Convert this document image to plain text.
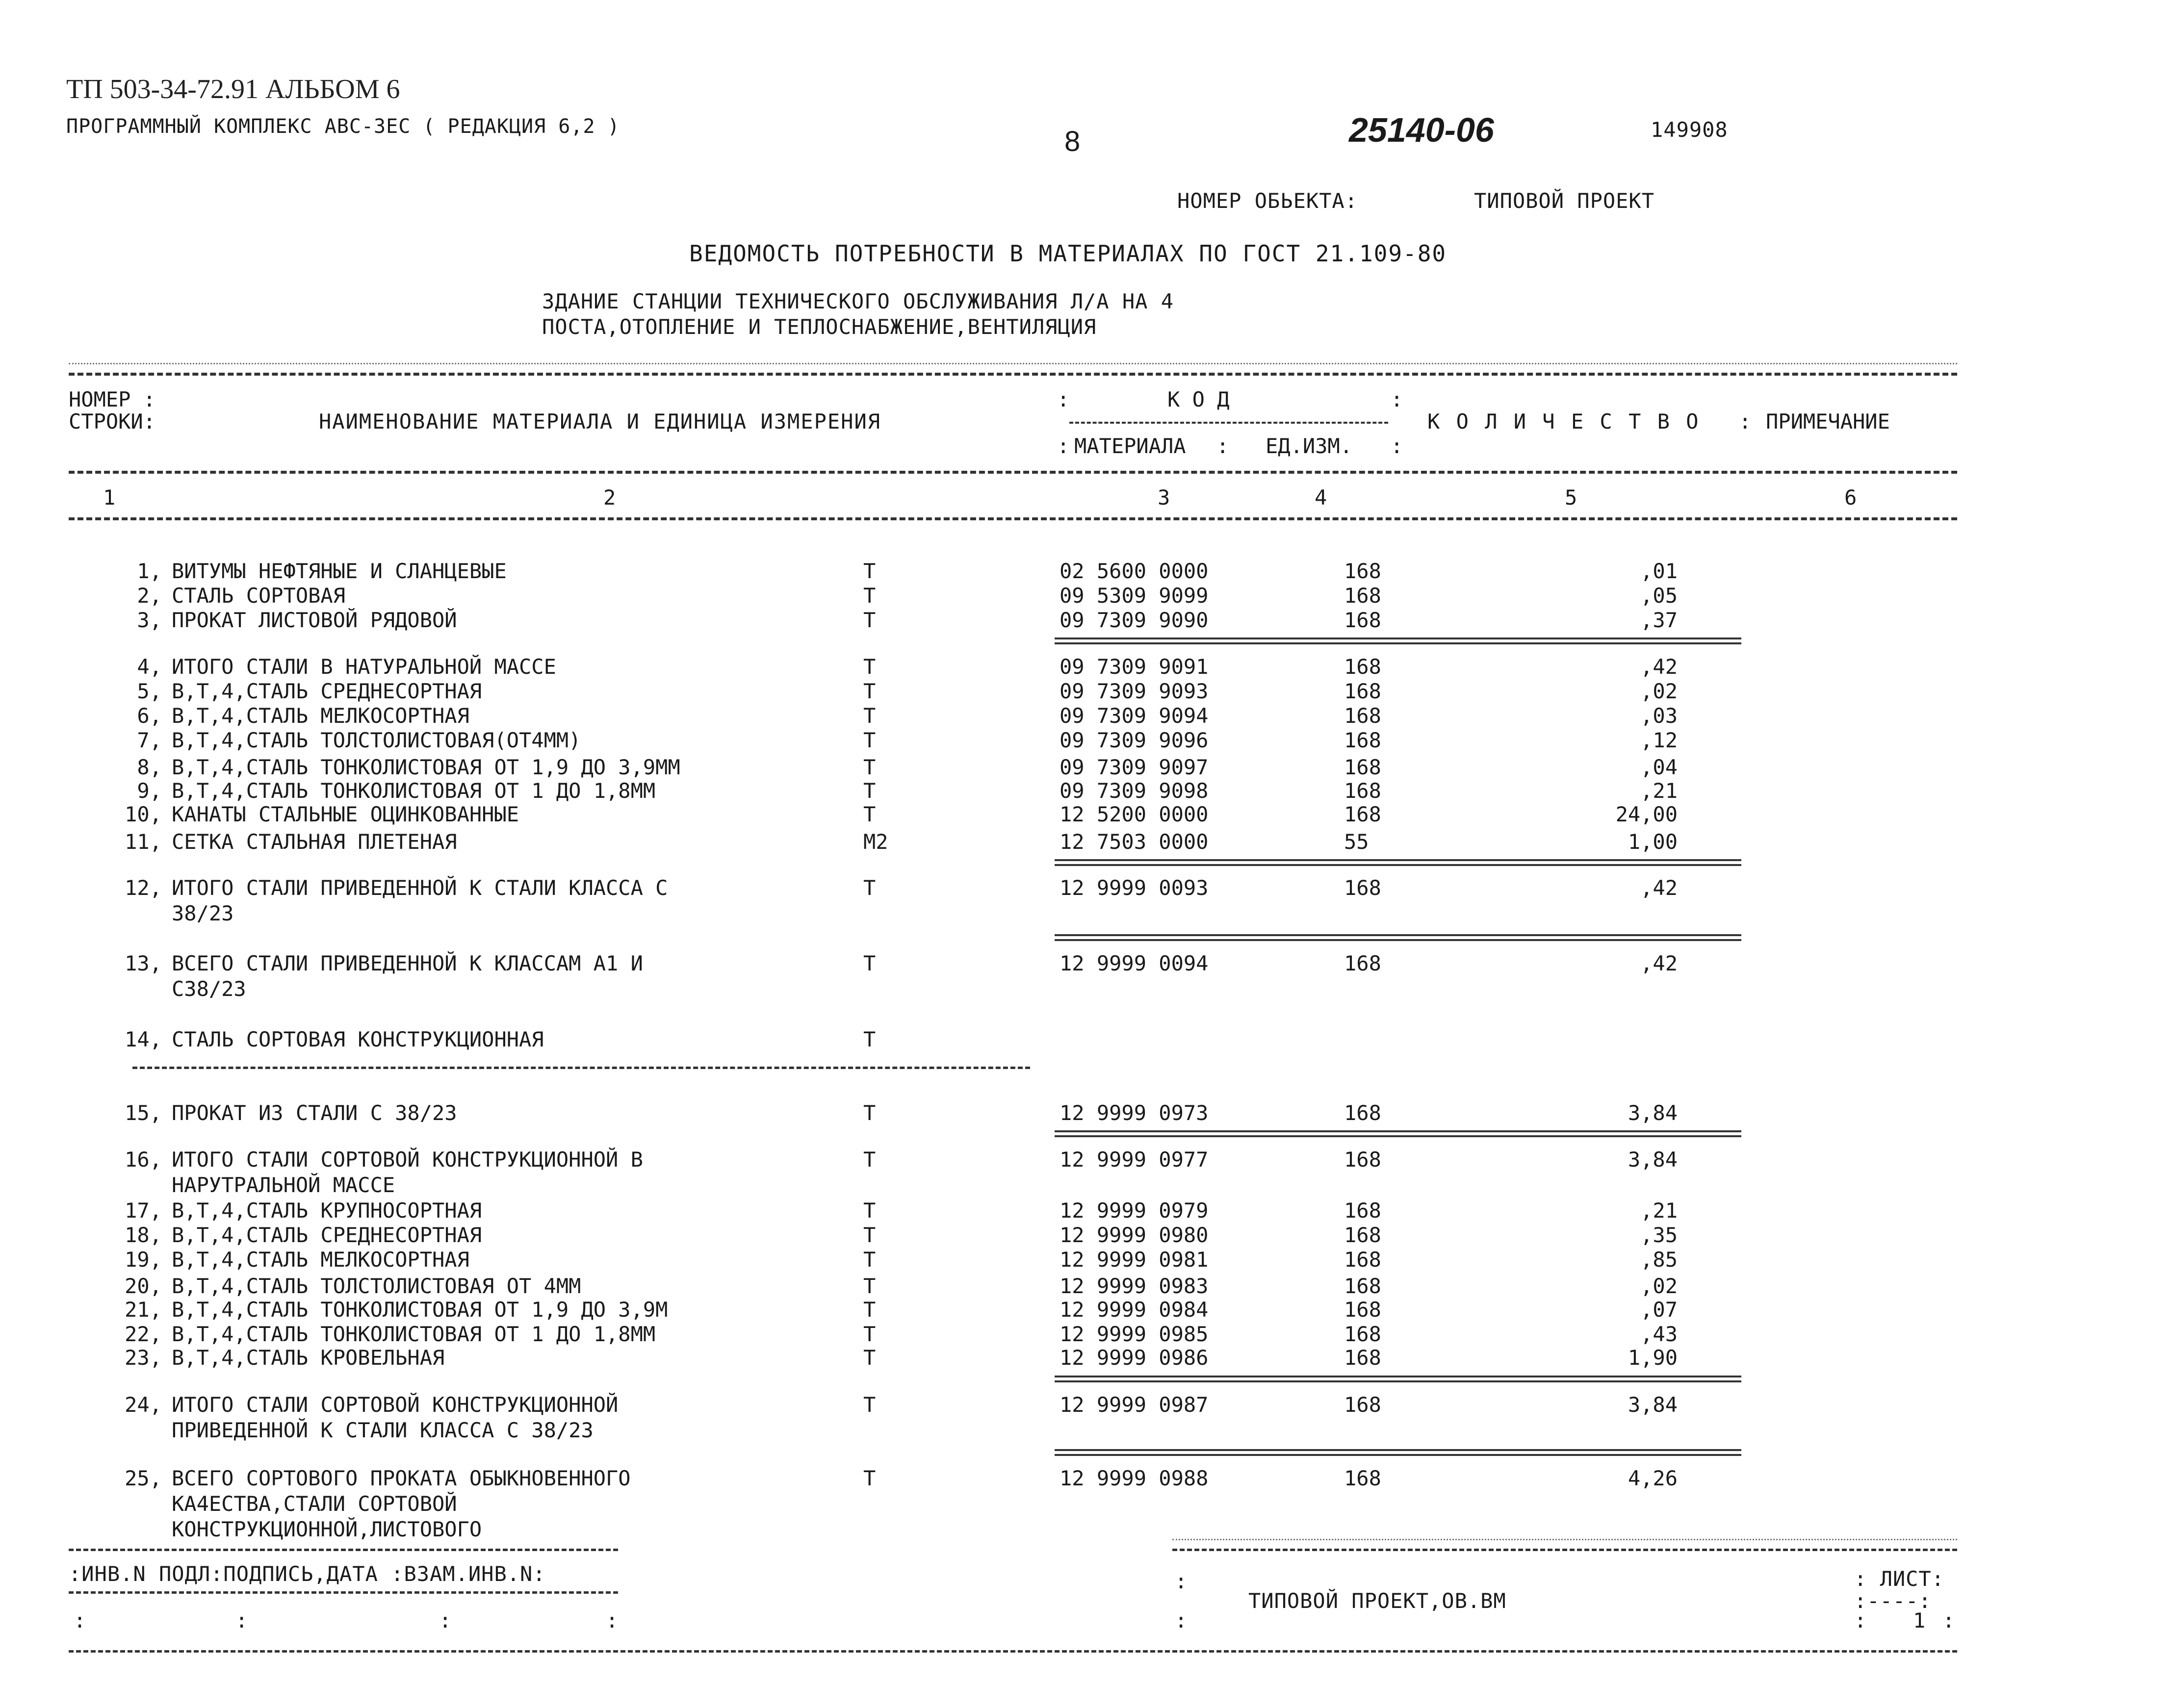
ТП 503-34-72.91 АЛЬБОМ 6
ПРОГРАММНЫЙ КОМПЛЕКС АВС-3ЕС ( РЕДАКЦИЯ 6,2 )	8	25140-06	149908
НОМЕР ОБЬЕКТА:	ТИПОВОЙ ПРОЕКТ
ВЕДОМОСТЬ ПОТРЕБНОСТИ В МАТЕРИАЛАХ ПО ГОСТ 21.109-80
ЗДАНИЕ СТАНЦИИ ТЕХНИЧЕСКОГО ОБСЛУЖИВАНИЯ Л/А НА 4
ПОСТА,ОТОПЛЕНИЕ И ТЕПЛОСНАБЖЕНИЕ,ВЕНТИЛЯЦИЯ
НОМЕР :
СТРОКИ:	НАИМЕНОВАНИЕ МАТЕРИАЛА И ЕДИНИЦА ИЗМЕРЕНИЯ
:	К О Д	:
: МАТЕРИАЛА : ЕД.ИЗМ. :
К О Л И Ч Е С Т В О : ПРИМЕЧАНИЕ
1	2	3	4	5	6
1, ВИТУМЫ НЕФТЯНЫЕ И СЛАНЦЕВЫЕ	Т	02 5600 0000	168	,01
2, СТАЛЬ СОРТОВАЯ	Т	09 5309 9099	168	,05
3, ПРОКАТ ЛИСТОВОЙ РЯДОВОЙ	Т	09 7309 9090	168	,37
4, ИТОГО СТАЛИ В НАТУРАЛЬНОЙ МАССЕ	Т	09 7309 9091	168	,42
5, В,Т,4,СТАЛЬ СРЕДНЕСОРТНАЯ	Т	09 7309 9093	168	,02
6, В,Т,4,СТАЛЬ МЕЛКОСОРТНАЯ	Т	09 7309 9094	168	,03
7, В,Т,4,СТАЛЬ ТОЛСТОЛИСТОВАЯ(ОТ4ММ)	Т	09 7309 9096	168	,12
8, В,Т,4,СТАЛЬ ТОНКОЛИСТОВАЯ ОТ 1,9 ДО 3,9ММ	Т	09 7309 9097	168	,04
9, В,Т,4,СТАЛЬ ТОНКОЛИСТОВАЯ ОТ 1 ДО 1,8ММ	Т	09 7309 9098	168	,21
10, КАНАТЫ СТАЛЬНЫЕ ОЦИНКОВАННЫЕ	Т	12 5200 0000	168	24,00
11, СЕТКА СТАЛЬНАЯ ПЛЕТЕНАЯ	М2	12 7503 0000	55	1,00
12, ИТОГО СТАЛИ ПРИВЕДЕННОЙ К СТАЛИ КЛАССА С	Т	12 9999 0093	168	,42
38/23
13, ВСЕГО СТАЛИ ПРИВЕДЕННОЙ К КЛАССАМ А1 И	Т	12 9999 0094	168	,42
С38/23
14, СТАЛЬ СОРТОВАЯ КОНСТРУКЦИОННАЯ	Т
15, ПРОКАТ ИЗ СТАЛИ С 38/23	Т	12 9999 0973	168	3,84
16, ИТОГО СТАЛИ СОРТОВОЙ КОНСТРУКЦИОННОЙ В	Т	12 9999 0977	168	3,84
НАРУТРАЛЬНОЙ МАССЕ
17, В,Т,4,СТАЛЬ КРУПНОСОРТНАЯ	Т	12 9999 0979	168	,21
18, В,Т,4,СТАЛЬ СРЕДНЕСОРТНАЯ	Т	12 9999 0980	168	,35
19, В,Т,4,СТАЛЬ МЕЛКОСОРТНАЯ	Т	12 9999 0981	168	,85
20, В,Т,4,СТАЛЬ ТОЛСТОЛИСТОВАЯ ОТ 4ММ	Т	12 9999 0983	168	,02
21, В,Т,4,СТАЛЬ ТОНКОЛИСТОВАЯ ОТ 1,9 ДО 3,9М	Т	12 9999 0984	168	,07
22, В,Т,4,СТАЛЬ ТОНКОЛИСТОВАЯ ОТ 1 ДО 1,8ММ	Т	12 9999 0985	168	,43
23, В,Т,4,СТАЛЬ КРОВЕЛЬНАЯ	Т	12 9999 0986	168	1,90
24, ИТОГО СТАЛИ СОРТОВОЙ КОНСТРУКЦИОННОЙ	Т	12 9999 0987	168	3,84
ПРИВЕДЕННОЙ К СТАЛИ КЛАССА С 38/23
25, ВСЕГО СОРТОВОГО ПРОКАТА ОБЫКНОВЕННОГО	Т	12 9999 0988	168	4,26
КА4ЕСТВА,СТАЛИ СОРТОВОЙ
КОНСТРУКЦИОННОЙ,ЛИСТОВОГО
:ИНВ.N ПОДЛ:ПОДПИСЬ,ДАТА :ВЗАМ.ИНВ.N:
:	:	:	:
:
:
ТИПОВОЙ ПРОЕКТ,ОВ.ВМ
: ЛИСТ:
:----:
: 1 :
